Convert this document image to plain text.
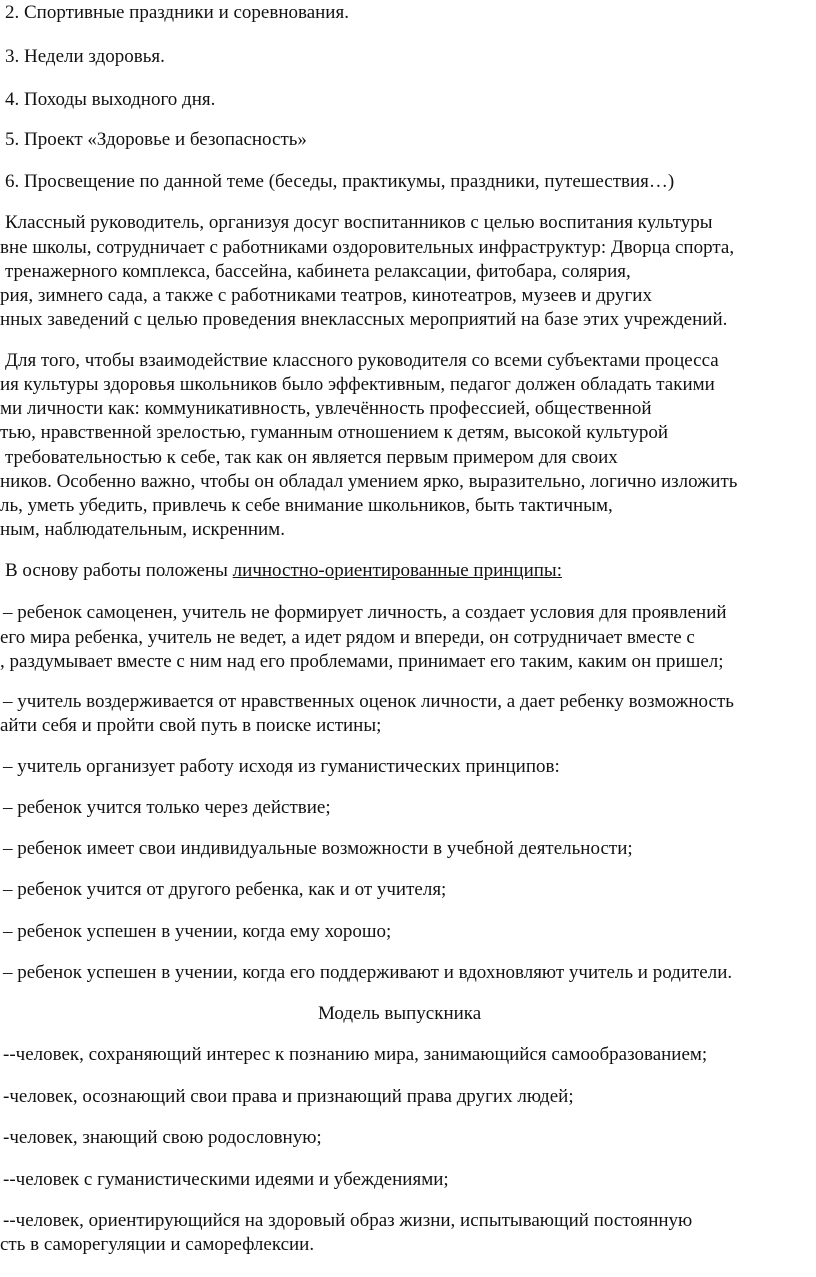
2. Спортивные праздники и соревнования.
3. Недели здоровья.
4. Походы выходного дня.
5. Проект «Здоровье и безопасность»
6. Просвещение по данной теме (беседы, практикумы, праздники, путешествия…)
Классный руководитель, организуя досуг воспитанников с целью воспитания культуры
вне школы, сотрудничает с работниками оздоровительных инфраструктур: Дворца спорта,
тренажерного комплекса, бассейна, кабинета релаксации, фитобара, солярия,
рия, зимнего сада, а также с работниками театров, кинотеатров, музеев и других
нных заведений с целью проведения внеклассных мероприятий на базе этих учреждений.
Для того, чтобы взаимодействие классного руководителя со всеми субъектами процесса
ия культуры здоровья школьников было эффективным, педагог должен обладать такими
ми личности как: коммуникативность, увлечённость профессией, общественной
тью, нравственной зрелостью, гуманным отношением к детям, высокой культурой
требовательностью к себе, так как он является первым примером для своих
ников. Особенно важно, чтобы он обладал умением ярко, выразительно, логично изложить
ль, уметь убедить, привлечь к себе внимание школьников, быть тактичным,
ным, наблюдательным, искренним.
В основу работы положены личностно-ориентированные принципы:
– ребенок самоценен, учитель не формирует личность, а создает условия для проявлений
его мира ребенка, учитель не ведет, а идет рядом и впереди, он сотрудничает вместе с
, раздумывает вместе с ним над его проблемами, принимает его таким, каким он пришел;
– учитель воздерживается от нравственных оценок личности, а дает ребенку возможность
айти себя и пройти свой путь в поиске истины;
– учитель организует работу исходя из гуманистических принципов:
– ребенок учится только через действие;
– ребенок имеет свои индивидуальные возможности в учебной деятельности;
– ребенок учится от другого ребенка, как и от учителя;
– ребенок успешен в учении, когда ему хорошо;
– ребенок успешен в учении, когда его поддерживают и вдохновляют учитель и родители.
Модель выпускника
--человек, сохраняющий интерес к познанию мира, занимающийся самообразованием;
-человек, осознающий свои права и признающий права других людей;
-человек, знающий свою родословную;
--человек с гуманистическими идеями и убеждениями;
--человек, ориентирующийся на здоровый образ жизни, испытывающий постоянную
сть в саморегуляции и саморефлексии.
